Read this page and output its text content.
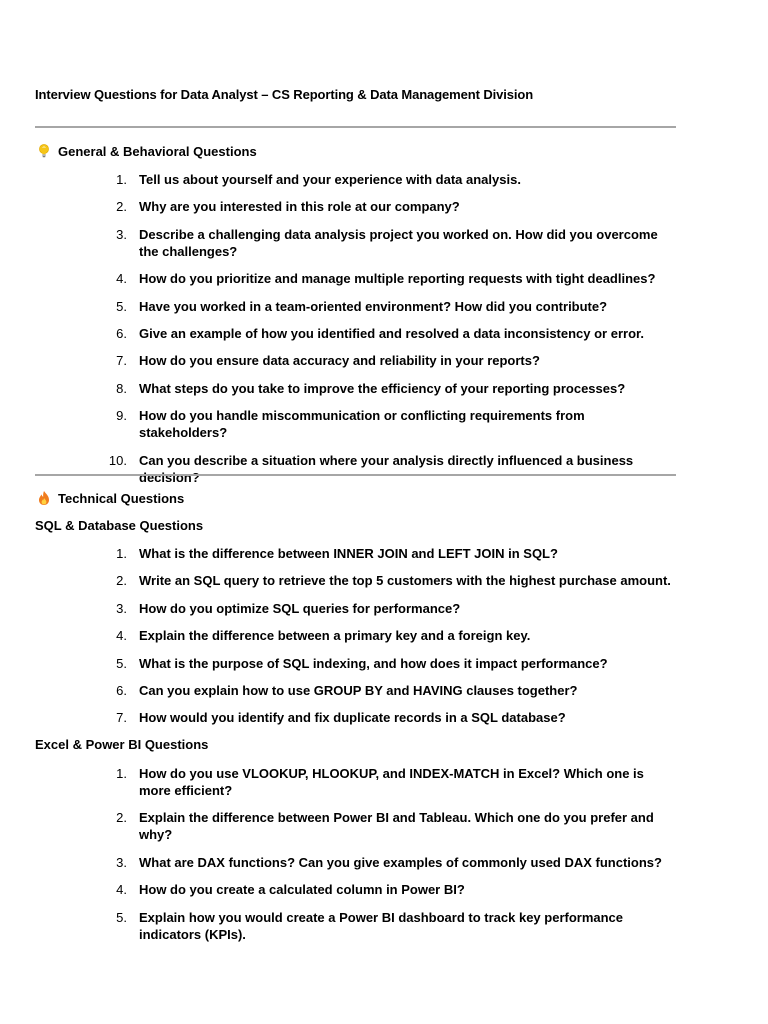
Interview Questions for Data Analyst – CS Reporting & Data Management Division
General & Behavioral Questions
1. Tell us about yourself and your experience with data analysis.
2. Why are you interested in this role at our company?
3. Describe a challenging data analysis project you worked on. How did you overcome the challenges?
4. How do you prioritize and manage multiple reporting requests with tight deadlines?
5. Have you worked in a team-oriented environment? How did you contribute?
6. Give an example of how you identified and resolved a data inconsistency or error.
7. How do you ensure data accuracy and reliability in your reports?
8. What steps do you take to improve the efficiency of your reporting processes?
9. How do you handle miscommunication or conflicting requirements from stakeholders?
10. Can you describe a situation where your analysis directly influenced a business decision?
Technical Questions
SQL & Database Questions
1. What is the difference between INNER JOIN and LEFT JOIN in SQL?
2. Write an SQL query to retrieve the top 5 customers with the highest purchase amount.
3. How do you optimize SQL queries for performance?
4. Explain the difference between a primary key and a foreign key.
5. What is the purpose of SQL indexing, and how does it impact performance?
6. Can you explain how to use GROUP BY and HAVING clauses together?
7. How would you identify and fix duplicate records in a SQL database?
Excel & Power BI Questions
1. How do you use VLOOKUP, HLOOKUP, and INDEX-MATCH in Excel? Which one is more efficient?
2. Explain the difference between Power BI and Tableau. Which one do you prefer and why?
3. What are DAX functions? Can you give examples of commonly used DAX functions?
4. How do you create a calculated column in Power BI?
5. Explain how you would create a Power BI dashboard to track key performance indicators (KPIs).
